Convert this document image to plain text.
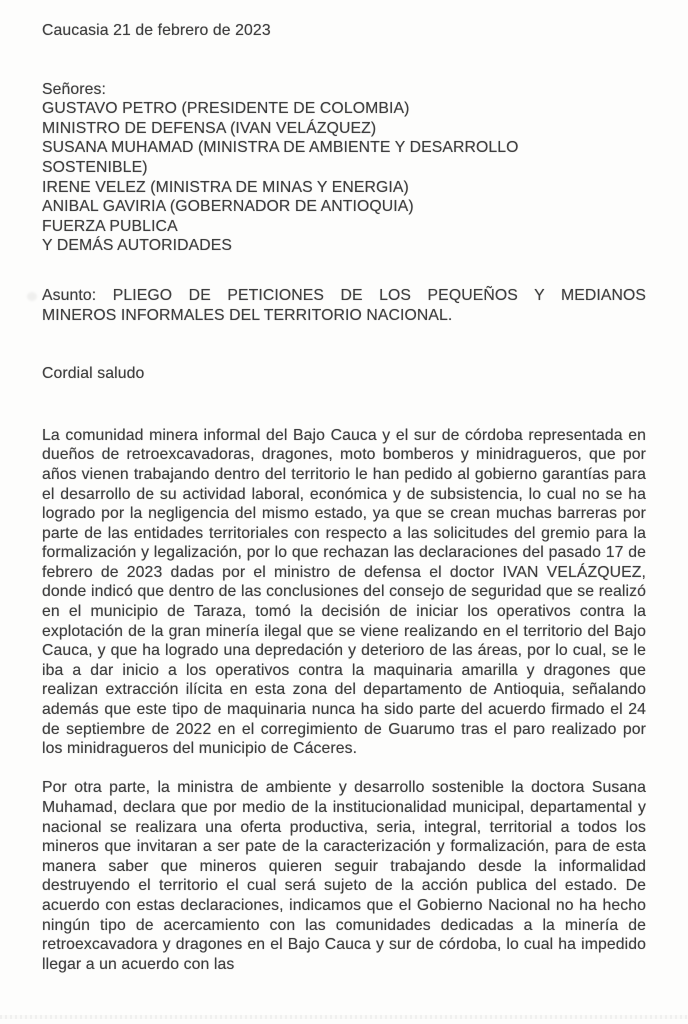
Caucasia 21 de febrero de 2023
Señores:
GUSTAVO PETRO (PRESIDENTE DE COLOMBIA)
MINISTRO DE DEFENSA (IVAN VELÁZQUEZ)
SUSANA MUHAMAD (MINISTRA DE AMBIENTE Y DESARROLLO
SOSTENIBLE)
IRENE VELEZ (MINISTRA DE MINAS Y ENERGIA)
ANIBAL GAVIRIA (GOBERNADOR DE ANTIOQUIA)
FUERZA PUBLICA
Y DEMÁS AUTORIDADES
Asunto: PLIEGO DE PETICIONES DE LOS PEQUEÑOS Y MEDIANOS
MINEROS INFORMALES DEL TERRITORIO NACIONAL.
Cordial saludo
La comunidad minera informal del Bajo Cauca y el sur de córdoba representada en dueños de retroexcavadoras, dragones, moto bomberos y minidragueros, que por años vienen trabajando dentro del territorio le han pedido al gobierno garantías para el desarrollo de su actividad laboral, económica y de subsistencia, lo cual no se ha logrado por la negligencia del mismo estado, ya que se crean muchas barreras por parte de las entidades territoriales con respecto a las solicitudes del gremio para la formalización y legalización, por lo que rechazan las declaraciones del pasado 17 de febrero de 2023 dadas por el ministro de defensa el doctor IVAN VELÁZQUEZ, donde indicó que dentro de las conclusiones del consejo de seguridad que se realizó en el municipio de Taraza, tomó la decisión de iniciar los operativos contra la explotación de la gran minería ilegal que se viene realizando en el territorio del Bajo Cauca, y que ha logrado una depredación y deterioro de las áreas, por lo cual, se le iba a dar inicio a los operativos contra la maquinaria amarilla y dragones que realizan extracción ilícita en esta zona del departamento de Antioquia, señalando además que este tipo de maquinaria nunca ha sido parte del acuerdo firmado el 24 de septiembre de 2022 en el corregimiento de Guarumo tras el paro realizado por los minidragueros del municipio de Cáceres.
Por otra parte, la ministra de ambiente y desarrollo sostenible la doctora Susana Muhamad, declara que por medio de la institucionalidad municipal, departamental y nacional se realizara una oferta productiva, seria, integral, territorial a todos los mineros que invitaran a ser pate de la caracterización y formalización, para de esta manera saber que mineros quieren seguir trabajando desde la informalidad destruyendo el territorio el cual será sujeto de la acción publica del estado. De acuerdo con estas declaraciones, indicamos que el Gobierno Nacional no ha hecho ningún tipo de acercamiento con las comunidades dedicadas a la minería de retroexcavadora y dragones en el Bajo Cauca y sur de córdoba, lo cual ha impedido llegar a un acuerdo con las
